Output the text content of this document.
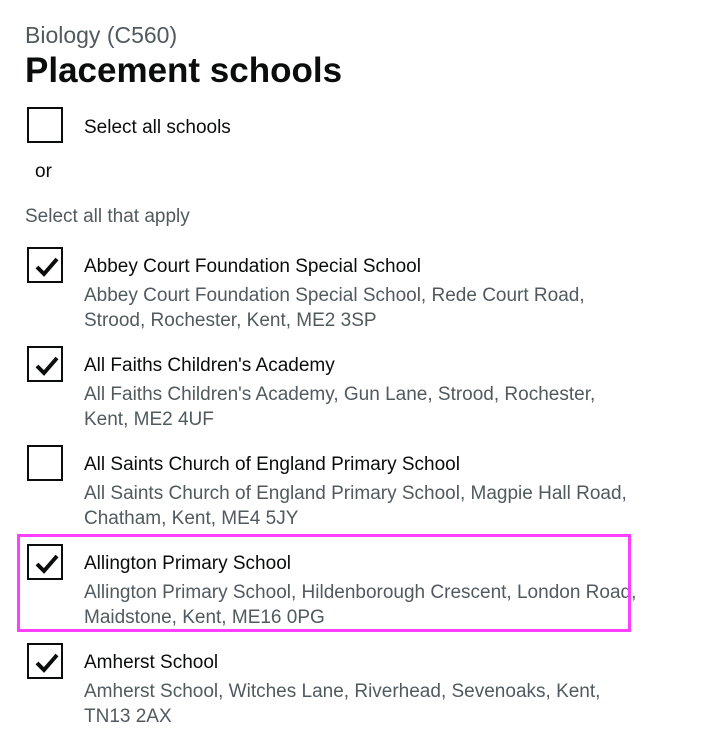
Biology (C560)
Placement schools
Select all schools
or
Select all that apply
Abbey Court Foundation Special School
Abbey Court Foundation Special School, Rede Court Road, Strood, Rochester, Kent, ME2 3SP
All Faiths Children's Academy
All Faiths Children's Academy, Gun Lane, Strood, Rochester, Kent, ME2 4UF
All Saints Church of England Primary School
All Saints Church of England Primary School, Magpie Hall Road, Chatham, Kent, ME4 5JY
Allington Primary School
Allington Primary School, Hildenborough Crescent, London Road, Maidstone, Kent, ME16 0PG
Amherst School
Amherst School, Witches Lane, Riverhead, Sevenoaks, Kent, TN13 2AX
